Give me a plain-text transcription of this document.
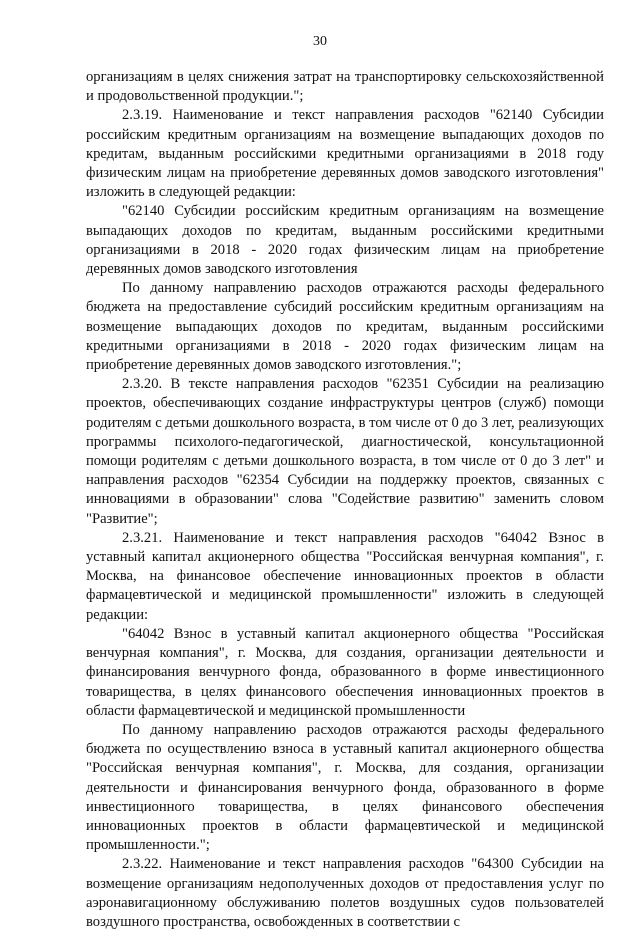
30

организациям в целях снижения затрат на транспортировку сельскохозяйственной и продовольственной продукции.";

2.3.19. Наименование и текст направления расходов "62140 Субсидии российским кредитным организациям на возмещение выпадающих доходов по кредитам, выданным российскими кредитными организациями в 2018 году физическим лицам на приобретение деревянных домов заводского изготовления" изложить в следующей редакции:

"62140 Субсидии российским кредитным организациям на возмещение выпадающих доходов по кредитам, выданным российскими кредитными организациями в 2018 - 2020 годах физическим лицам на приобретение деревянных домов заводского изготовления

По данному направлению расходов отражаются расходы федерального бюджета на предоставление субсидий российским кредитным организациям на возмещение выпадающих доходов по кредитам, выданным российскими кредитными организациями в 2018 - 2020 годах физическим лицам на приобретение деревянных домов заводского изготовления.";

2.3.20. В тексте направления расходов "62351 Субсидии на реализацию проектов, обеспечивающих создание инфраструктуры центров (служб) помощи родителям с детьми дошкольного возраста, в том числе от 0 до 3 лет, реализующих программы психолого-педагогической, диагностической, консультационной помощи родителям с детьми дошкольного возраста, в том числе от 0 до 3 лет" и направления расходов "62354 Субсидии на поддержку проектов, связанных с инновациями в образовании" слова "Содействие развитию" заменить словом "Развитие";

2.3.21. Наименование и текст направления расходов "64042 Взнос в уставный капитал акционерного общества "Российская венчурная компания", г. Москва, на финансовое обеспечение инновационных проектов в области фармацевтической и медицинской промышленности" изложить в следующей редакции:

"64042 Взнос в уставный капитал акционерного общества "Российская венчурная компания", г. Москва, для создания, организации деятельности и финансирования венчурного фонда, образованного в форме инвестиционного товарищества, в целях финансового обеспечения инновационных проектов в области фармацевтической и медицинской промышленности

По данному направлению расходов отражаются расходы федерального бюджета по осуществлению взноса в уставный капитал акционерного общества "Российская венчурная компания", г. Москва, для создания, организации деятельности и финансирования венчурного фонда, образованного в форме инвестиционного товарищества, в целях финансового обеспечения инновационных проектов в области фармацевтической и медицинской промышленности.";

2.3.22. Наименование и текст направления расходов "64300 Субсидии на возмещение организациям недополученных доходов от предоставления услуг по аэронавигационному обслуживанию полетов воздушных судов пользователей воздушного пространства, освобожденных в соответствии с
